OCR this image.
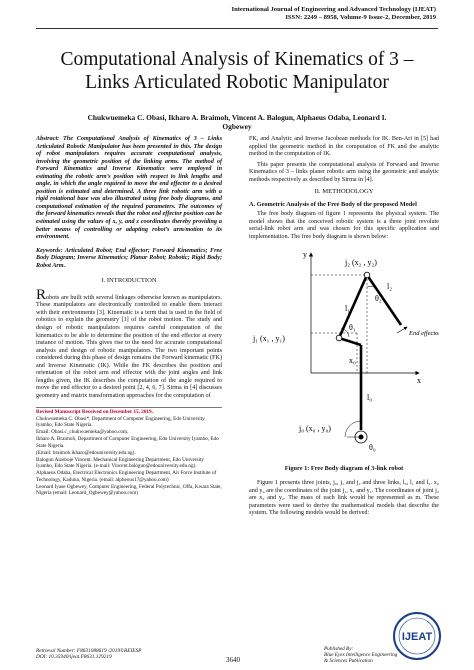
International Journal of Engineering and Advanced Technology (IJEAT)
ISSN: 2249 – 8958, Volume-9 Issue-2, December, 2019
Computational Analysis of Kinematics of 3 –
Links Articulated Robotic Manipulator
Chukwuemeka C. Obasi, Ikharo A. Braimoh, Vincent A. Balogun, Alphaeus Odaba, Leonard I.
Ogbewey
Abstract: The Computational Analysis of Kinematics of 3 – Links Articulated Robotic Manipulator has been presented in this. The design of robot manipulators requires accurate computational analysis, involving the geometric position of the linking arms. The method of Forward Kinematics and Inverse Kinematics were employed in estimating the robotic arm’s position with respect to link lengths and angle, in which the angle required to move the end effector to a desired position is estimated and determined. A three link robotic arm with a rigid rotational base was also illustrated using free body diagrams, and computational estimation of the required parameters. The outcomes of the forward kinematics reveals that the robot end effector position can be estimated using the values of x, y, and z coordinates thereby providing a better means of controlling or adapting robot’s arm/motion to its environment.
Keywords: Articulated Robot; End effector; Forward Kinematics; Free Body Diagram; Inverse Kinematics; Planar Robot; Robotic; Rigid Body; Robot Arm.
I. INTRODUCTION

Robots are built with several linkages otherwise known as manipulators. These manipulators are electronically controlled to enable them interact with their environments [3]. Kinematic is a term that is used in the field of robotics to explain the geometry [1] of the robot motion. The study and design of robotic manipulators requires careful computation of the kinematics to be able to determine the position of the end effector at every instance of motion. This gives rise to the need for accurate computational analysis and design of robotic manipulators. The two important points considered during this phase of design remains the Forward kinematic (FK) and Inverse Kinematic (IK). While the FK describes the position and orientation of the robot arm end effector with the joint angles and link lengths given, the IK describes the computation of the angle required to move the end effector to a desired point [2, 4, 6, 7]. Sirma in [4] discusses geometry and matrix transformation approaches for the computation of

Revised Manuscript Received on December 15, 2019.
Chukwuemeka C. Obasi*, Department of Computer Engineering, Edo University Iyamho, Edo State Nigeria.
Email: Obasi.c_chukwuemeka@yahoo.com.
Ikharo A. Braimoh, Department of Computer Engineering, Edo University Iyamho, Edo State Nigeria.
(Email: braimoh.ikharo@edouniversity.edu.ng).
Balogun Aizeboje Vincent. Mechanical Engineering Department, Edo University Iyamho, Edo State Nigeria. (e-mail: Vincent.balogun@edouniversity.edu.ng).
Alphaeus Odaba, Electrical Electronics Engineering Department, Air Force Institute of Technology, Kaduna, Nigeria. (email: alpheous17@yahoo.com)
Leonard Iyase Ogbewey, Computer Engineering, Federal Polytechnic, Offa, Kwara State, Nigeria (email: Leonard_Ogbewey@yahoo.com)

FK, and Analytic and Inverse Jacobean methods for IK. Ben-Ari in [5] had applied the geometric method in the computation of FK and the analytic method in the computation of IK.

This paper presents the computational analysis of Forward and Inverse Kinematics of 3 – links planer robotic arm using the geometric and analytic methods respectively as described by Sirma in [4].

II. METHODOLOGY
A. Geometric Analysis of the Free Body of the proposed Model

The free body diagram of figure 1 represents the physical system. The model shows that the conceived robotic system is a three joint revolute serial-link robot arm and was chosen for this specific application and implementation. The free body diagram is shown below:

y
x
j₂ (x₂ , y₂)
j₁ (x₁ , y₁)
l₂
l₁
l₀
θ₂
θ₁
θ₀
x₀
j₀ (x₀ , y₀)
End effector
Figure 1: Free Body diagram of 3-link robot

Figure 1 presents three joints, j₀, j₁ and j₂ and three links, l₀, l₁ and l₂. x₀ and y₀ are the coordinates of the joint j₁, x₁ and y₁. The coordinates of joint j₂ are x₂ and y₂. The mass of each link would be represented as m. These parameters were used to derive the mathematical models that describe the system. The following models would be derived:

Retrieval Number: F8631088619 /2019©BEIESP
DOI: 10.35940/ijeat.F8631.129219	3640
Published By:
Blue Eyes Intelligence Engineering
& Sciences Publication
IJEAT
